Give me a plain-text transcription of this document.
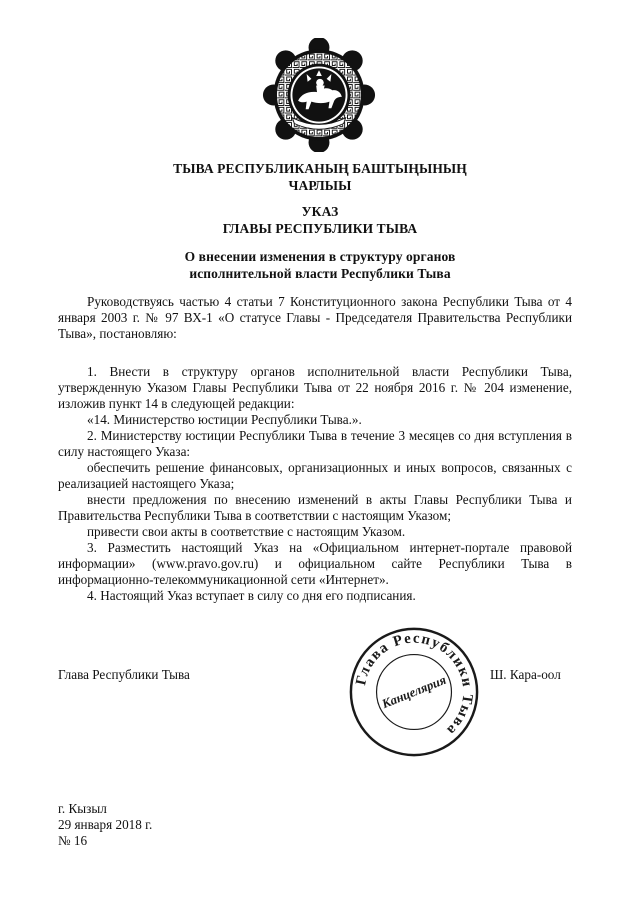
ТЫВА РЕСПУБЛИКАНЫҢ БАШТЫҢЫНЫҢ
ЧАРЛЫЫ
УКАЗ
ГЛАВЫ РЕСПУБЛИКИ ТЫВА
О внесении изменения в структуру органов
исполнительной власти Республики Тыва

Руководствуясь частью 4 статьи 7 Конституционного закона Республики Тыва от 4 января 2003 г. № 97 ВХ-1 «О статусе Главы - Председателя Правительства Республики Тыва», постановляю:

1. Внести в структуру органов исполнительной власти Республики Тыва, утвержденную Указом Главы Республики Тыва от 22 ноября 2016 г. № 204 изменение, изложив пункт 14 в следующей редакции:

«14. Министерство юстиции Республики Тыва.».

2. Министерству юстиции Республики Тыва в течение 3 месяцев со дня вступления в силу настоящего Указа:

обеспечить решение финансовых, организационных и иных вопросов, связанных с реализацией настоящего Указа;

внести предложения по внесению изменений в акты Главы Республики Тыва и Правительства Республики Тыва в соответствии с настоящим Указом;

привести свои акты в соответствие с настоящим Указом.

3. Разместить настоящий Указ на «Официальном интернет-портале правовой информации» (www.pravo.gov.ru) и официальном сайте Республики Тыва в информационно-телекоммуникационной сети «Интернет».

4. Настоящий Указ вступает в силу со дня его подписания.

Глава Республики Тыва	Глава Республики Тыва
Канцелярия	Ш. Кара-оол
г. Кызыл
29 января 2018 г.
№ 16
